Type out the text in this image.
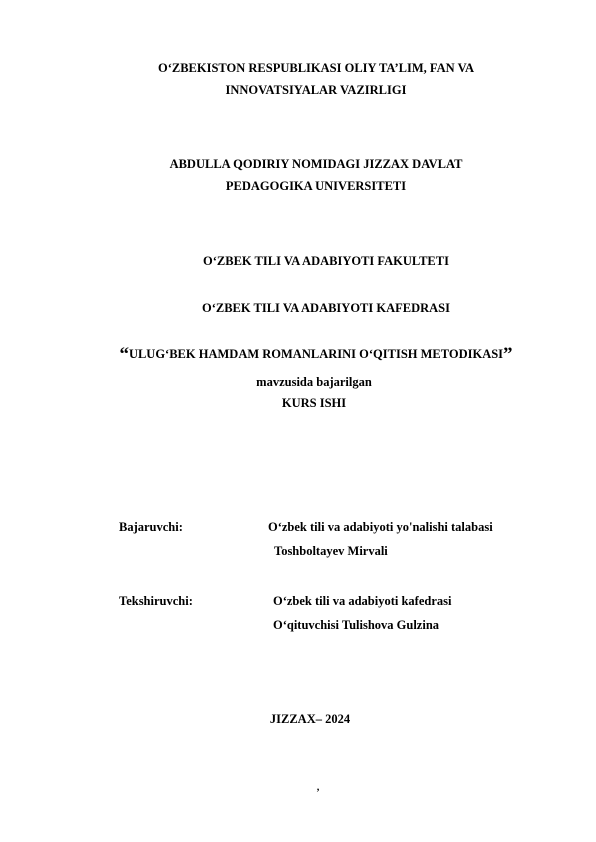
O‘ZBEKISTON RESPUBLIKASI OLIY TA’LIM, FAN VA
INNOVATSIYALAR VAZIRLIGI
ABDULLA QODIRIY NOMIDAGI JIZZAX DAVLAT
PEDAGOGIKA UNIVERSITETI
O‘ZBEK TILI VA ADABIYOTI FAKULTETI
O‘ZBEK TILI VA ADABIYOTI KAFEDRASI
“ULUG‘BEK HAMDAM ROMANLARINI O‘QITISH METODIKASI”
mavzusida bajarilgan
KURS ISHI
Bajaruvchi:	O‘zbek tili va adabiyoti yo'nalishi talabasi
Toshboltayev Mirvali
Tekshiruvchi:	O‘zbek tili va adabiyoti kafedrasi
O‘qituvchisi Tulishova Gulzina
JIZZAX– 2024
‚
